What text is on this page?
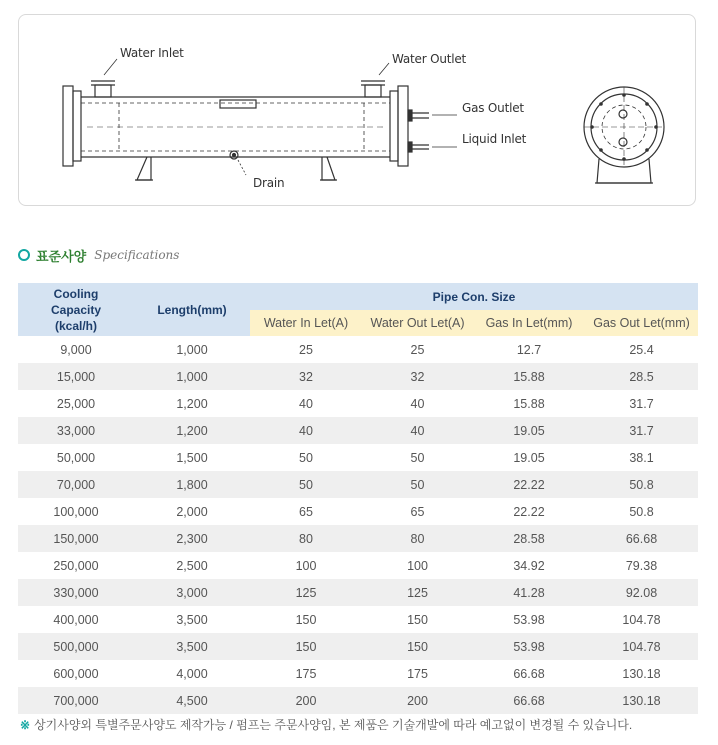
Water Inlet	Water Outlet
Gas Outlet
Liquid Inlet
Drain
표준사양 Specifications
Cooling Capacity (kcal/h)	Length(mm)	Pipe Con. Size			
		Water In Let(A)	Water Out Let(A)	Gas In Let(mm)	Gas Out Let(mm)
9,000	1,000	25	25	12.7	25.4
15,000	1,000	32	32	15.88	28.5
25,000	1,200	40	40	15.88	31.7
33,000	1,200	40	40	19.05	31.7
50,000	1,500	50	50	19.05	38.1
70,000	1,800	50	50	22.22	50.8
100,000	2,000	65	65	22.22	50.8
150,000	2,300	80	80	28.58	66.68
250,000	2,500	100	100	34.92	79.38
330,000	3,000	125	125	41.28	92.08
400,000	3,500	150	150	53.98	104.78
500,000	3,500	150	150	53.98	104.78
600,000	4,000	175	175	66.68	130.18
700,000	4,500	200	200	66.68	130.18
※ 상기사양외 특별주문사양도 제작가능 / 펌프는 주문사양임, 본 제품은 기술개발에 따라 예고없이 변경될 수 있습니다.
